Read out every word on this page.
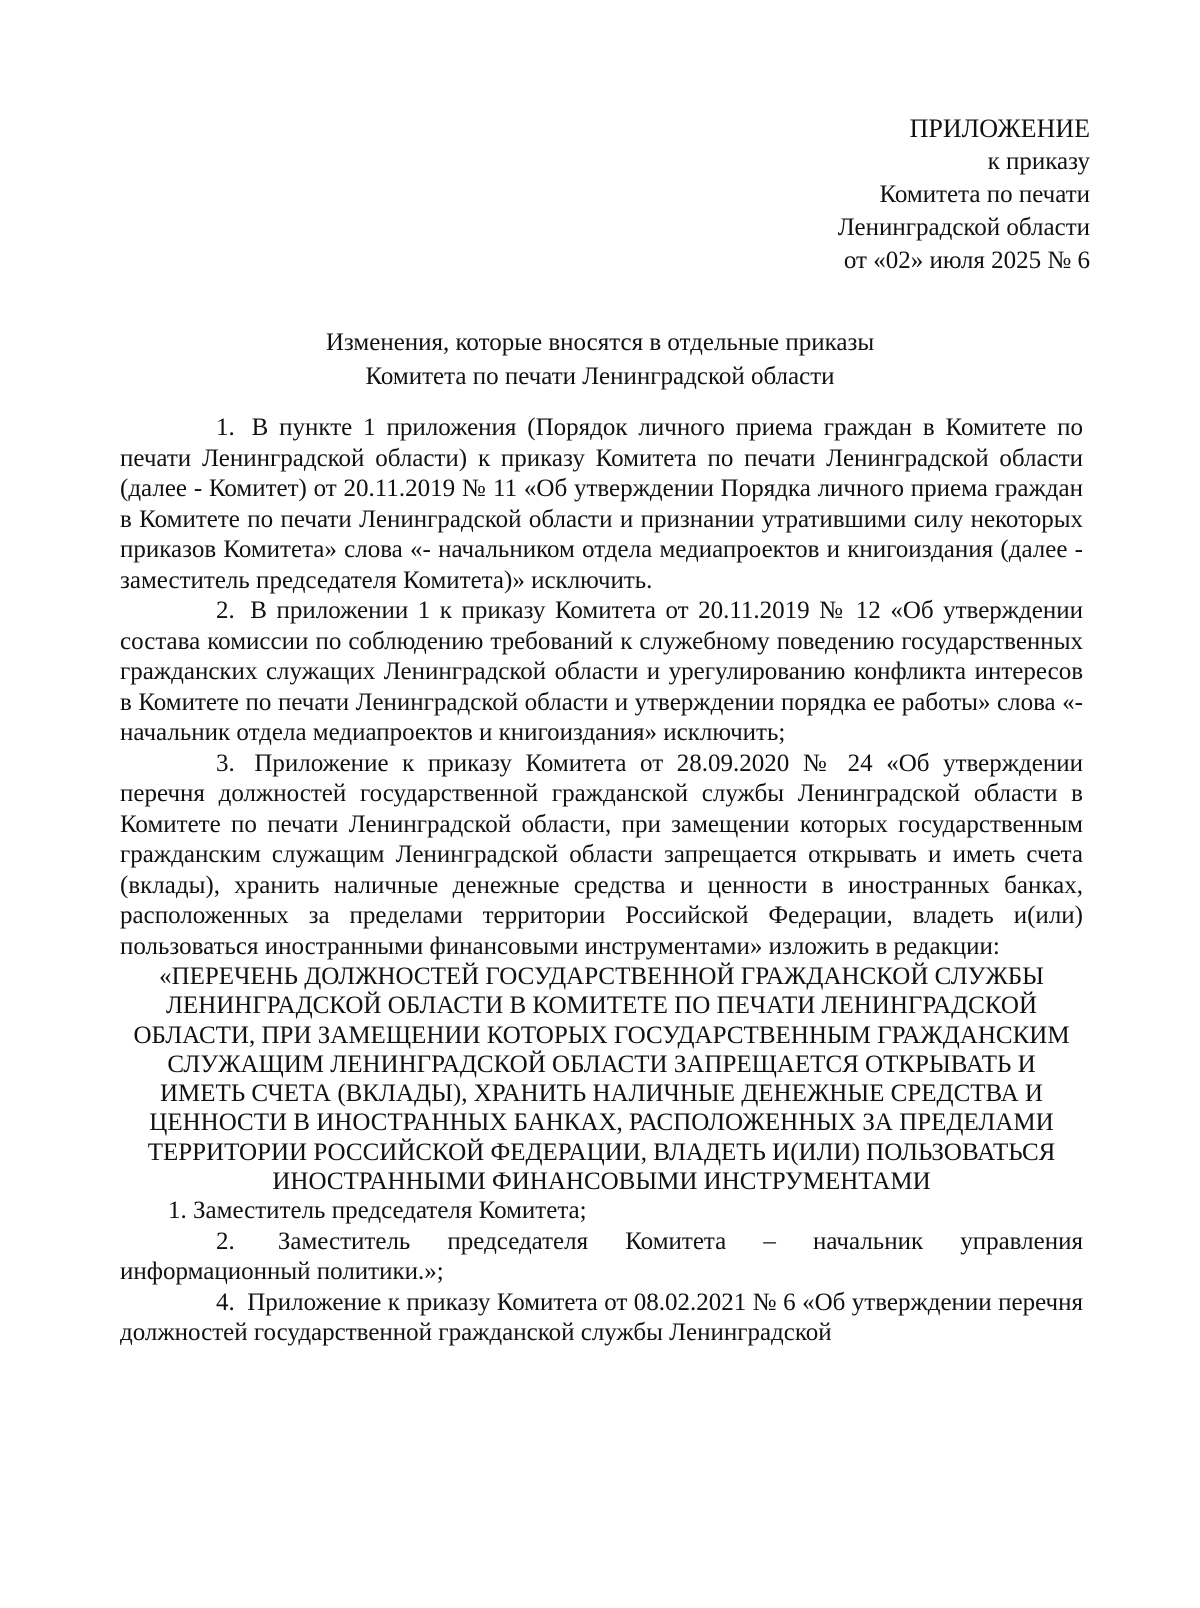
ПРИЛОЖЕНИЕ
к приказу
Комитета по печати
Ленинградской области
от «02» июля 2025 № 6
Изменения, которые вносятся в отдельные приказы
Комитета по печати Ленинградской области

1. В пункте 1 приложения (Порядок личного приема граждан в Комитете по печати Ленинградской области) к приказу Комитета по печати Ленинградской области (далее - Комитет) от 20.11.2019 № 11 «Об утверждении Порядка личного приема граждан в Комитете по печати Ленинградской области и признании утратившими силу некоторых приказов Комитета» слова «- начальником отдела медиапроектов и книгоиздания (далее - заместитель председателя Комитета)» исключить.

2. В приложении 1 к приказу Комитета от 20.11.2019 № 12 «Об утверждении состава комиссии по соблюдению требований к служебному поведению государственных гражданских служащих Ленинградской области и урегулированию конфликта интересов в Комитете по печати Ленинградской области и утверждении порядка ее работы» слова «- начальник отдела медиапроектов и книгоиздания» исключить;

3. Приложение к приказу Комитета от 28.09.2020 № 24 «Об утверждении перечня должностей государственной гражданской службы Ленинградской области в Комитете по печати Ленинградской области, при замещении которых государственным гражданским служащим Ленинградской области запрещается открывать и иметь счета (вклады), хранить наличные денежные средства и ценности в иностранных банках, расположенных за пределами территории Российской Федерации, владеть и(или) пользоваться иностранными финансовыми инструментами» изложить в редакции:

«ПЕРЕЧЕНЬ ДОЛЖНОСТЕЙ ГОСУДАРСТВЕННОЙ ГРАЖДАНСКОЙ СЛУЖБЫ ЛЕНИНГРАДСКОЙ ОБЛАСТИ В КОМИТЕТЕ ПО ПЕЧАТИ ЛЕНИНГРАДСКОЙ ОБЛАСТИ, ПРИ ЗАМЕЩЕНИИ КОТОРЫХ ГОСУДАРСТВЕННЫМ ГРАЖДАНСКИМ СЛУЖАЩИМ ЛЕНИНГРАДСКОЙ ОБЛАСТИ ЗАПРЕЩАЕТСЯ ОТКРЫВАТЬ И ИМЕТЬ СЧЕТА (ВКЛАДЫ), ХРАНИТЬ НАЛИЧНЫЕ ДЕНЕЖНЫЕ СРЕДСТВА И ЦЕННОСТИ В ИНОСТРАННЫХ БАНКАХ, РАСПОЛОЖЕННЫХ ЗА ПРЕДЕЛАМИ ТЕРРИТОРИИ РОССИЙСКОЙ ФЕДЕРАЦИИ, ВЛАДЕТЬ И(ИЛИ) ПОЛЬЗОВАТЬСЯ ИНОСТРАННЫМИ ФИНАНСОВЫМИ ИНСТРУМЕНТАМИ

1. Заместитель председателя Комитета;

2. Заместитель председателя Комитета – начальник управления информационный политики.»;

4. Приложение к приказу Комитета от 08.02.2021 № 6 «Об утверждении перечня должностей государственной гражданской службы Ленинградской
